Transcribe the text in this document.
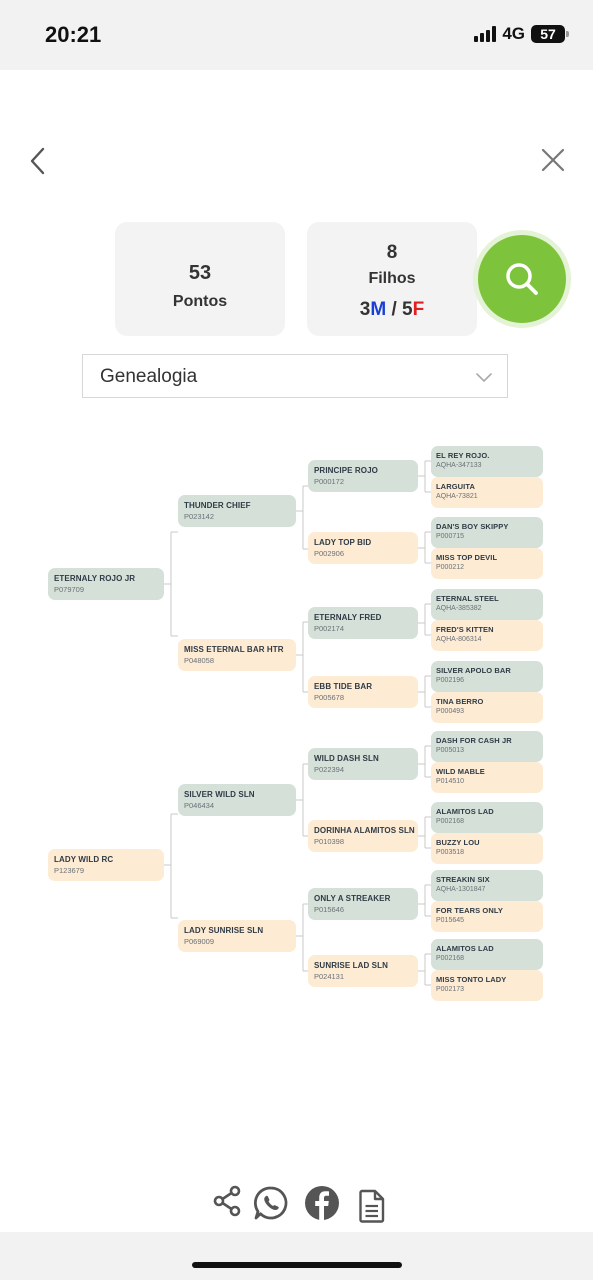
20:21	4G 57
53
Pontos
8
Filhos
3M / 5F
Genealogia
ETERNALY ROJO JR
P079709
LADY WILD RC
P123679
THUNDER CHIEF
P023142
MISS ETERNAL BAR HTR
P048058
SILVER WILD SLN
P046434
LADY SUNRISE SLN
P069009
PRINCIPE ROJO
P000172
LADY TOP BID
P002906
ETERNALY FRED
P002174
EBB TIDE BAR
P005678
WILD DASH SLN
P022394
DORINHA ALAMITOS SLN
P010398
ONLY A STREAKER
P015646
SUNRISE LAD SLN
P024131
EL REY ROJO.
AQHA-347133
LARGUITA
AQHA-73821
DAN'S BOY SKIPPY
P000715
MISS TOP DEVIL
P000212
ETERNAL STEEL
AQHA-385382
FRED'S KITTEN
AQHA-806314
SILVER APOLO BAR
P002196
TINA BERRO
P000493
DASH FOR CASH JR
P005013
WILD MABLE
P014510
ALAMITOS LAD
P002168
BUZZY LOU
P003518
STREAKIN SIX
AQHA-1301847
FOR TEARS ONLY
P015645
ALAMITOS LAD
P002168
MISS TONTO LADY
P002173
